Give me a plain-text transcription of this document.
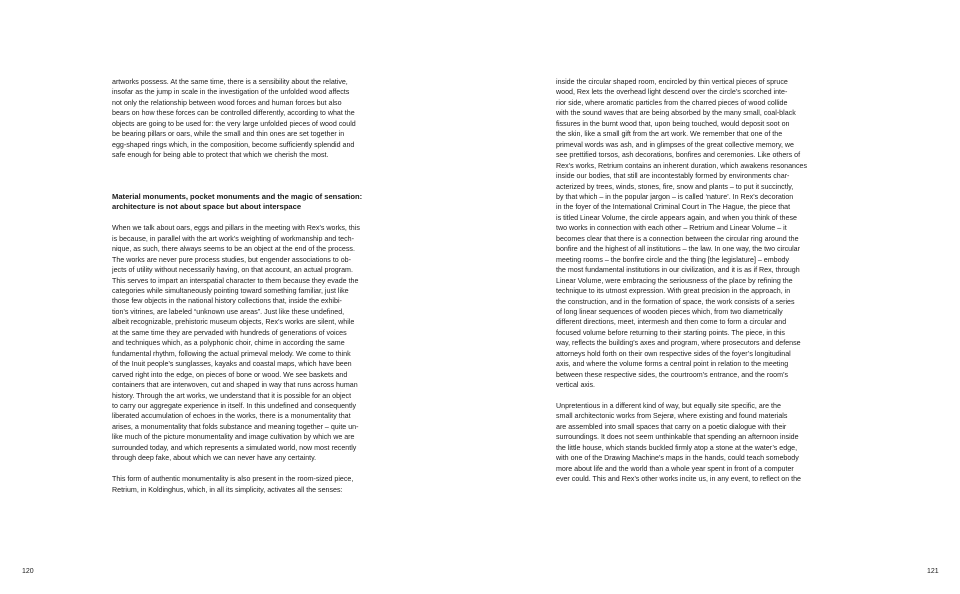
artworks possess. At the same time, there is a sensibility about the relative,
insofar as the jump in scale in the investigation of the unfolded wood affects
not only the relationship between wood forces and human forces but also
bears on how these forces can be controlled differently, according to what the
objects are going to be used for: the very large unfolded pieces of wood could
be bearing pillars or oars, while the small and thin ones are set together in
egg-shaped rings which, in the composition, become sufficiently splendid and
safe enough for being able to protect that which we cherish the most.

Material monuments, pocket monuments and the magic of sensation:
architecture is not about space but about interspace

When we talk about oars, eggs and pillars in the meeting with Rex’s works, this
is because, in parallel with the art work’s weighting of workmanship and tech-
nique, as such, there always seems to be an object at the end of the process.
The works are never pure process studies, but engender associations to ob-
jects of utility without necessarily having, on that account, an actual program.
This serves to impart an interspatial character to them because they evade the
categories while simultaneously pointing toward something familiar, just like
those few objects in the national history collections that, inside the exhibi-
tion’s vitrines, are labeled “unknown use areas”. Just like these undefined,
albeit recognizable, prehistoric museum objects, Rex’s works are silent, while
at the same time they are pervaded with hundreds of generations of voices
and techniques which, as a polyphonic choir, chime in according the same
fundamental rhythm, following the actual primeval melody. We come to think
of the Inuit people’s sunglasses, kayaks and coastal maps, which have been
carved right into the edge, on pieces of bone or wood. We see baskets and
containers that are interwoven, cut and shaped in way that runs across human
history. Through the art works, we understand that it is possible for an object
to carry our aggregate experience in itself. In this undefined and consequently
liberated accumulation of echoes in the works, there is a monumentality that
arises, a monumentality that folds substance and meaning together – quite un-
like much of the picture monumentality and image cultivation by which we are
surrounded today, and which represents a simulated world, now most recently
through deep fake, about which we can never have any certainty.

This form of authentic monumentality is also present in the room-sized piece,
Retrium, in Koldinghus, which, in all its simplicity, activates all the senses:

inside the circular shaped room, encircled by thin vertical pieces of spruce
wood, Rex lets the overhead light descend over the circle’s scorched inte-
rior side, where aromatic particles from the charred pieces of wood collide
with the sound waves that are being absorbed by the many small, coal-black
fissures in the burnt wood that, upon being touched, would deposit soot on
the skin, like a small gift from the art work. We remember that one of the
primeval words was ash, and in glimpses of the great collective memory, we
see prettified torsos, ash decorations, bonfires and ceremonies. Like others of
Rex’s works, Retrium contains an inherent duration, which awakens resonances
inside our bodies, that still are incontestably formed by environments char-
acterized by trees, winds, stones, fire, snow and plants – to put it succinctly,
by that which – in the popular jargon – is called ‘nature’. In Rex’s decoration
in the foyer of the International Criminal Court in The Hague, the piece that
is titled Linear Volume, the circle appears again, and when you think of these
two works in connection with each other – Retrium and Linear Volume – it
becomes clear that there is a connection between the circular ring around the
bonfire and the highest of all institutions – the law. In one way, the two circular
meeting rooms – the bonfire circle and the thing [the legislature] – embody
the most fundamental institutions in our civilization, and it is as if Rex, through
Linear Volume, were embracing the seriousness of the place by refining the
technique to its utmost expression. With great precision in the approach, in
the construction, and in the formation of space, the work consists of a series
of long linear sequences of wooden pieces which, from two diametrically
different directions, meet, intermesh and then come to form a circular and
focused volume before returning to their starting points. The piece, in this
way, reflects the building’s axes and program, where prosecutors and defense
attorneys hold forth on their own respective sides of the foyer’s longitudinal
axis, and where the volume forms a central point in relation to the meeting
between these respective sides, the courtroom’s entrance, and the room’s
vertical axis.

Unpretentious in a different kind of way, but equally site specific, are the
small architectonic works from Sejerø, where existing and found materials
are assembled into small spaces that carry on a poetic dialogue with their
surroundings. It does not seem unthinkable that spending an afternoon inside
the little house, which stands buckled firmly atop a stone at the water’s edge,
with one of the Drawing Machine’s maps in the hands, could teach somebody
more about life and the world than a whole year spent in front of a computer
ever could. This and Rex’s other works incite us, in any event, to reflect on the

120	121
